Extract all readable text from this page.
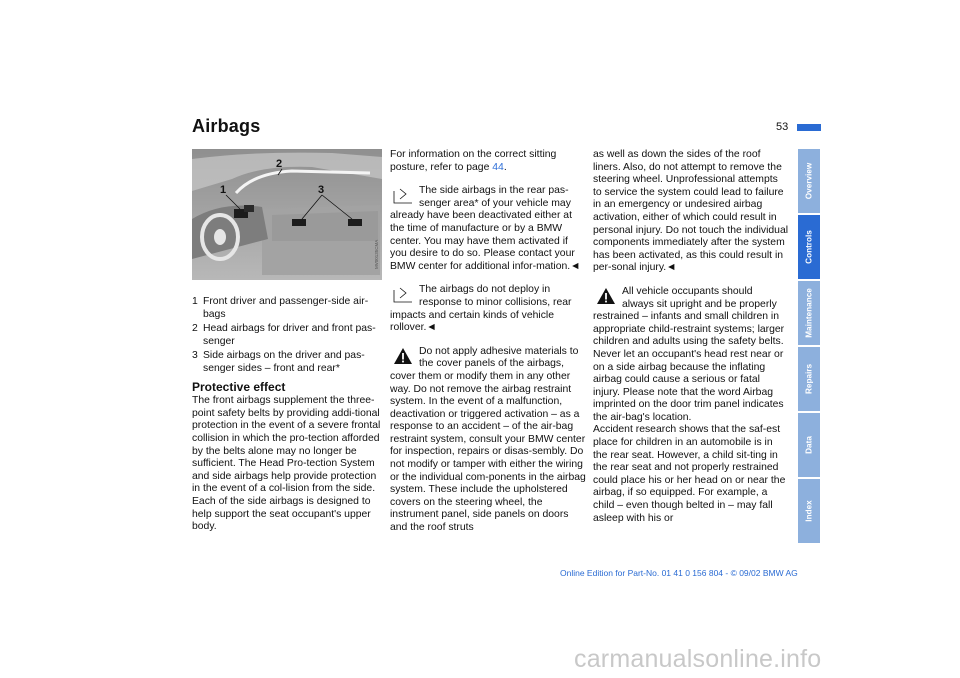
Airbags	53
1
2
3
MV00135CMA
1 Front driver and passenger-side air-bags
2 Head airbags for driver and front pas-senger
3 Side airbags on the driver and pas-senger sides – front and rear*
Protective effect

The front airbags supplement the three-point safety belts by providing addi-tional protection in the event of a severe frontal collision in which the pro-tection afforded by the belts alone may no longer be sufficient. The Head Pro-tection System and side airbags help provide protection in the event of a col-lision from the side. Each of the side airbags is designed to help support the seat occupant's upper body.

For information on the correct sitting posture, refer to page 44.

The side airbags in the rear pas-
senger area* of your vehicle may
already have been deactivated either at the time of manufacture or by a BMW center. You may have them activated if you desire to do so. Please contact your BMW center for additional infor-mation.◄
The airbags do not deploy in
response to minor collisions, rear
impacts and certain kinds of vehicle rollover.◄
Do not apply adhesive materials to
the cover panels of the airbags,
cover them or modify them in any other way. Do not remove the airbag restraint system. In the event of a malfunction, deactivation or triggered activation – as a response to an accident – of the air-bag restraint system, consult your BMW center for inspection, repairs or disas-sembly. Do not modify or tamper with either the wiring or the individual com-ponents in the airbag system. These include the upholstered covers on the steering wheel, the instrument panel, side panels on doors and the roof struts

as well as down the sides of the roof liners. Also, do not attempt to remove the steering wheel. Unprofessional attempts to service the system could lead to failure in an emergency or undesired airbag activation, either of which could result in personal injury. Do not touch the individual components immediately after the system has been activated, as this could result in per-sonal injury.◄

All vehicle occupants should
always sit upright and be properly
restrained – infants and small children in appropriate child-restraint systems; larger children and adults using the safety belts. Never let an occupant's head rest near or on a side airbag because the inflating airbag could cause a serious or fatal injury. Please note that the word Airbag imprinted on the door trim panel indicates the air-bag's location.

Accident research shows that the saf-est place for children in an automobile is in the rear seat. However, a child sit-ting in the rear seat and not properly restrained could place his or her head on or near the airbag, if so equipped. For example, a child – even though belted in – may fall asleep with his or

Overview
Controls
Maintenance
Repairs
Data
Index
Online Edition for Part-No. 01 41 0 156 804 - © 09/02 BMW AG
carmanualsonline.info
